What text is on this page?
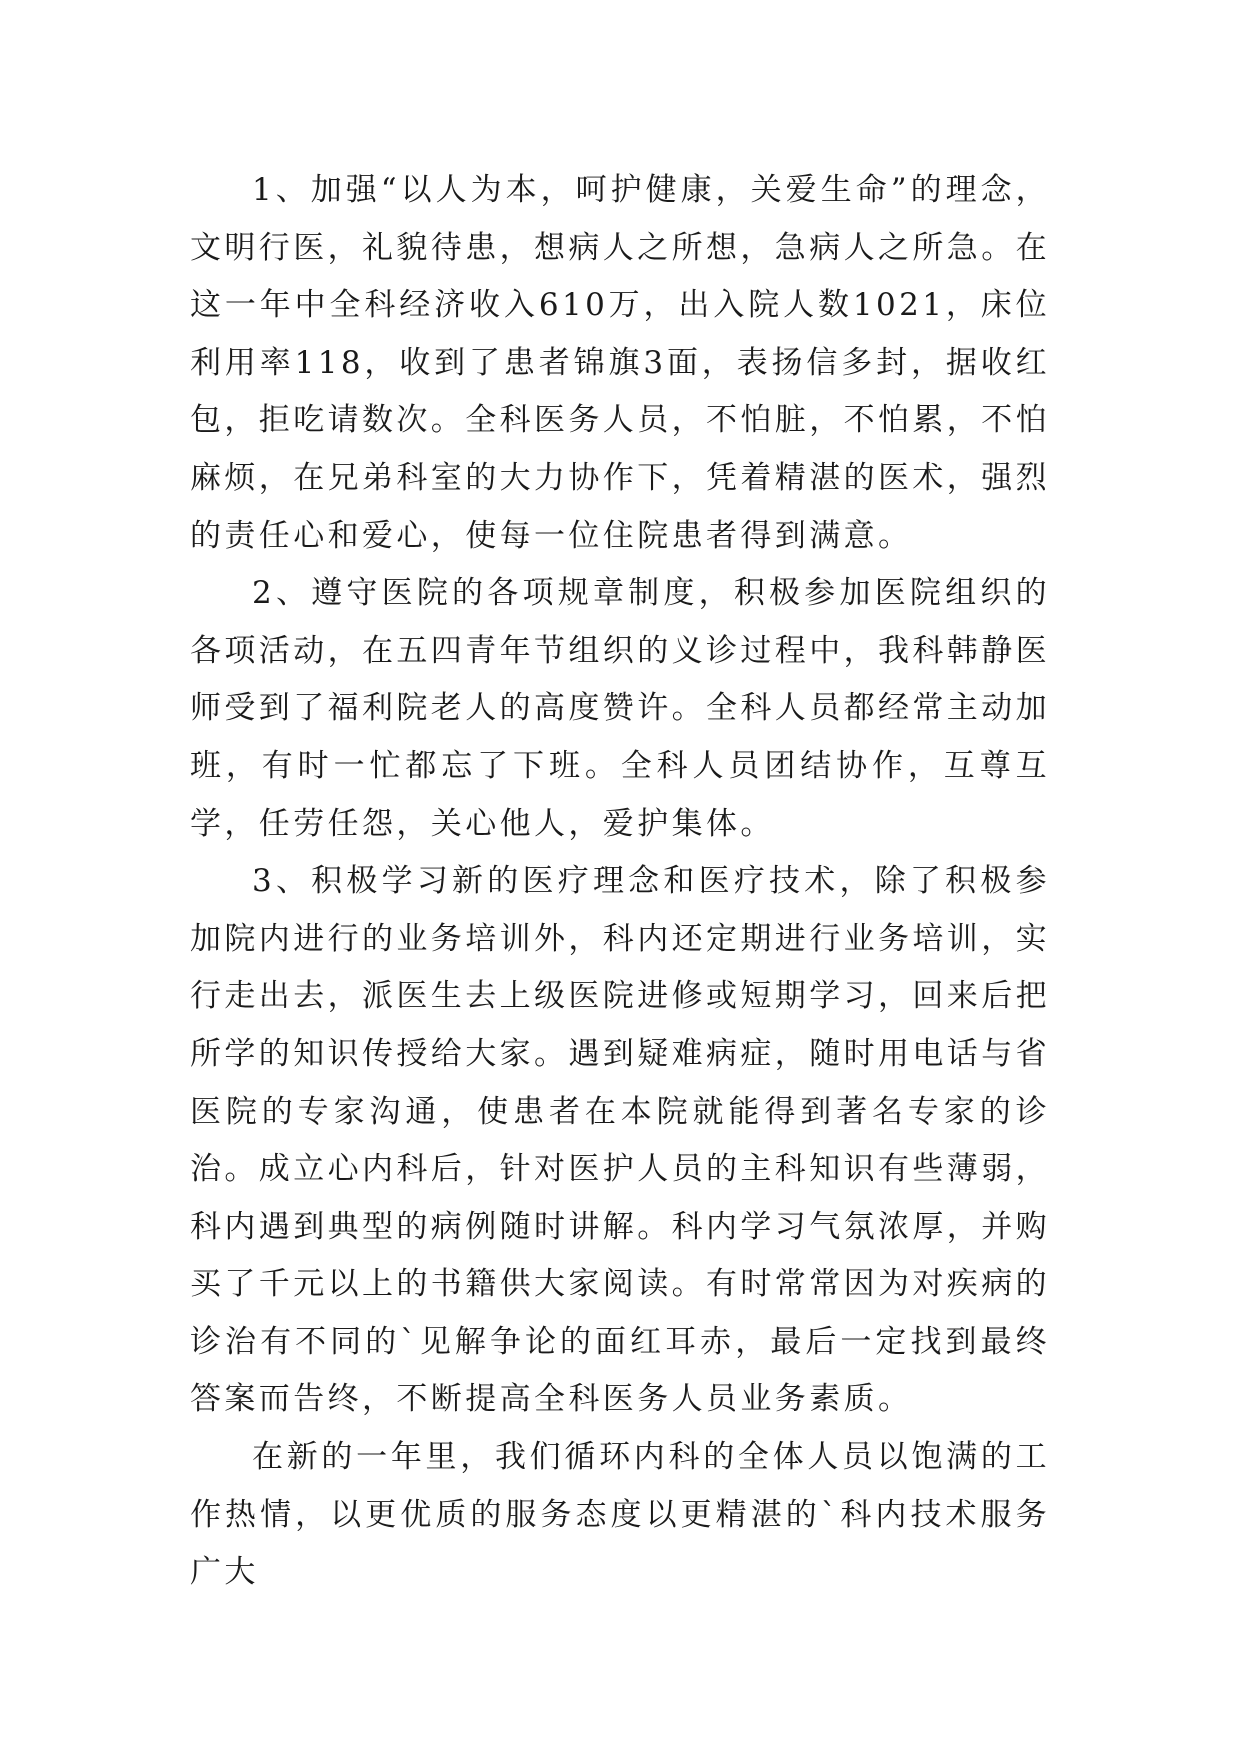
1、加强“以人为本，呵护健康，关爱生命”的理念，文明行医，礼貌待患，想病人之所想，急病人之所急。在这一年中全科经济收入610万，出入院人数1021，床位利用率118，收到了患者锦旗3面，表扬信多封，据收红包，拒吃请数次。全科医务人员，不怕脏，不怕累，不怕麻烦，在兄弟科室的大力协作下，凭着精湛的医术，强烈的责任心和爱心，使每一位住院患者得到满意。

2、遵守医院的各项规章制度，积极参加医院组织的各项活动，在五四青年节组织的义诊过程中，我科韩静医师受到了福利院老人的高度赞许。全科人员都经常主动加班，有时一忙都忘了下班。全科人员团结协作，互尊互学，任劳任怨，关心他人，爱护集体。

3、积极学习新的医疗理念和医疗技术，除了积极参加院内进行的业务培训外，科内还定期进行业务培训，实行走出去，派医生去上级医院进修或短期学习，回来后把所学的知识传授给大家。遇到疑难病症，随时用电话与省医院的专家沟通，使患者在本院就能得到著名专家的诊治。成立心内科后，针对医护人员的主科知识有些薄弱，科内遇到典型的病例随时讲解。科内学习气氛浓厚，并购买了千元以上的书籍供大家阅读。有时常常因为对疾病的诊治有不同的`见解争论的面红耳赤，最后一定找到最终答案而告终，不断提高全科医务人员业务素质。

在新的一年里，我们循环内科的全体人员以饱满的工作热情，以更优质的服务态度以更精湛的`科内技术服务广大
